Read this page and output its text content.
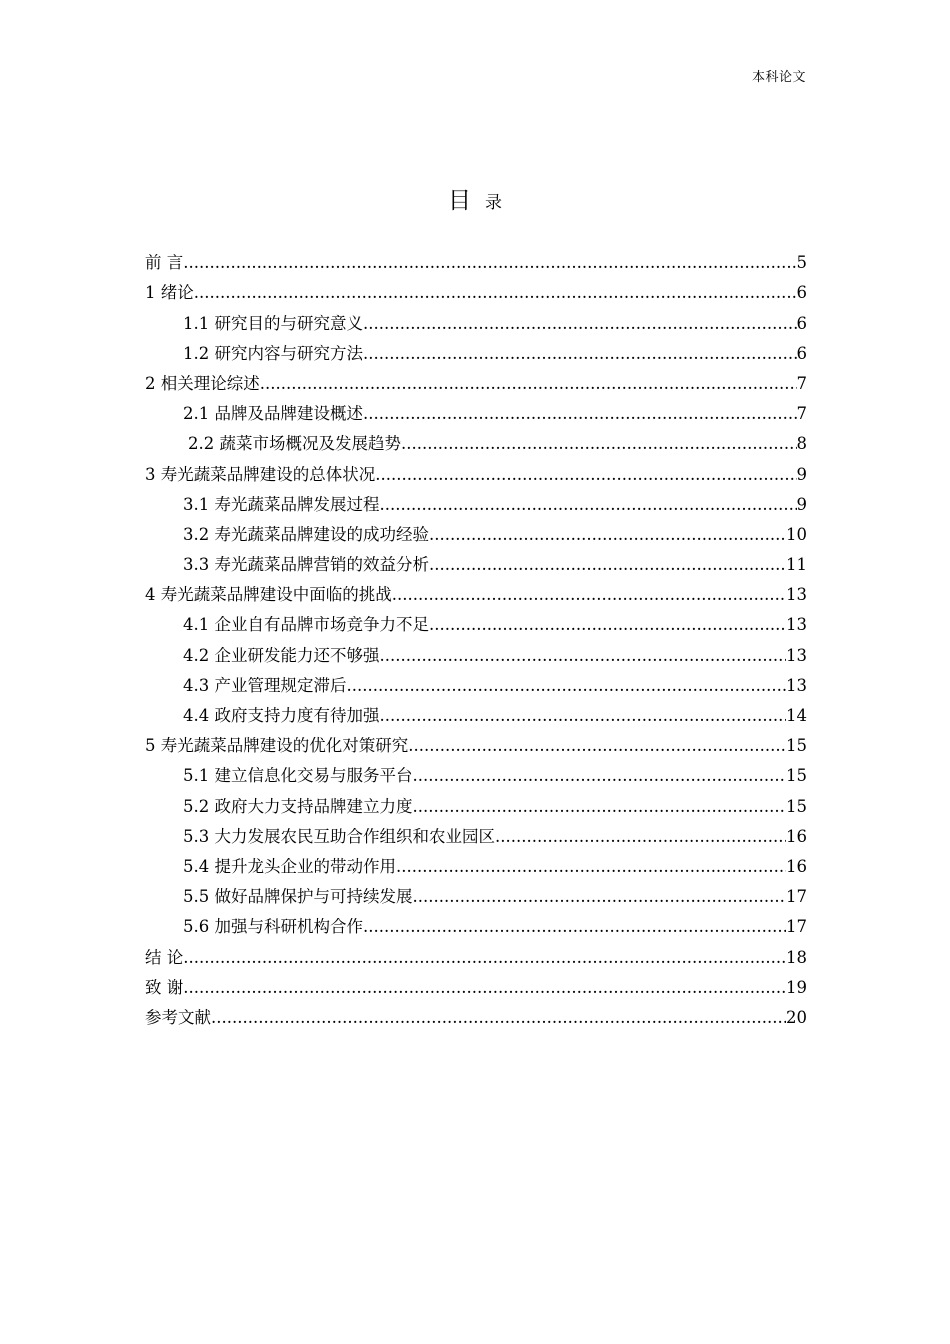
本科论文
目 录
前 言 .....	5
1 绪论 .....	6
1.1 研究目的与研究意义 .....	6
1.2 研究内容与研究方法 .....	6
2 相关理论综述 .....	7
2.1 品牌及品牌建设概述 .....	7
2.2 蔬菜市场概况及发展趋势 .....	8
3 寿光蔬菜品牌建设的总体状况 .....	9
3.1 寿光蔬菜品牌发展过程 .....	9
3.2 寿光蔬菜品牌建设的成功经验 .....	10
3.3 寿光蔬菜品牌营销的效益分析 .....	11
4 寿光蔬菜品牌建设中面临的挑战 .....	13
4.1 企业自有品牌市场竞争力不足 .....	13
4.2 企业研发能力还不够强 .....	13
4.3 产业管理规定滞后 .....	13
4.4 政府支持力度有待加强 .....	14
5 寿光蔬菜品牌建设的优化对策研究 .....	15
5.1 建立信息化交易与服务平台 .....	15
5.2 政府大力支持品牌建立力度 .....	15
5.3 大力发展农民互助合作组织和农业园区 .....	16
5.4 提升龙头企业的带动作用 .....	16
5.5 做好品牌保护与可持续发展 .....	17
5.6 加强与科研机构合作 .....	17
结 论 .....	18
致 谢 .....	19
参考文献 .....	20
